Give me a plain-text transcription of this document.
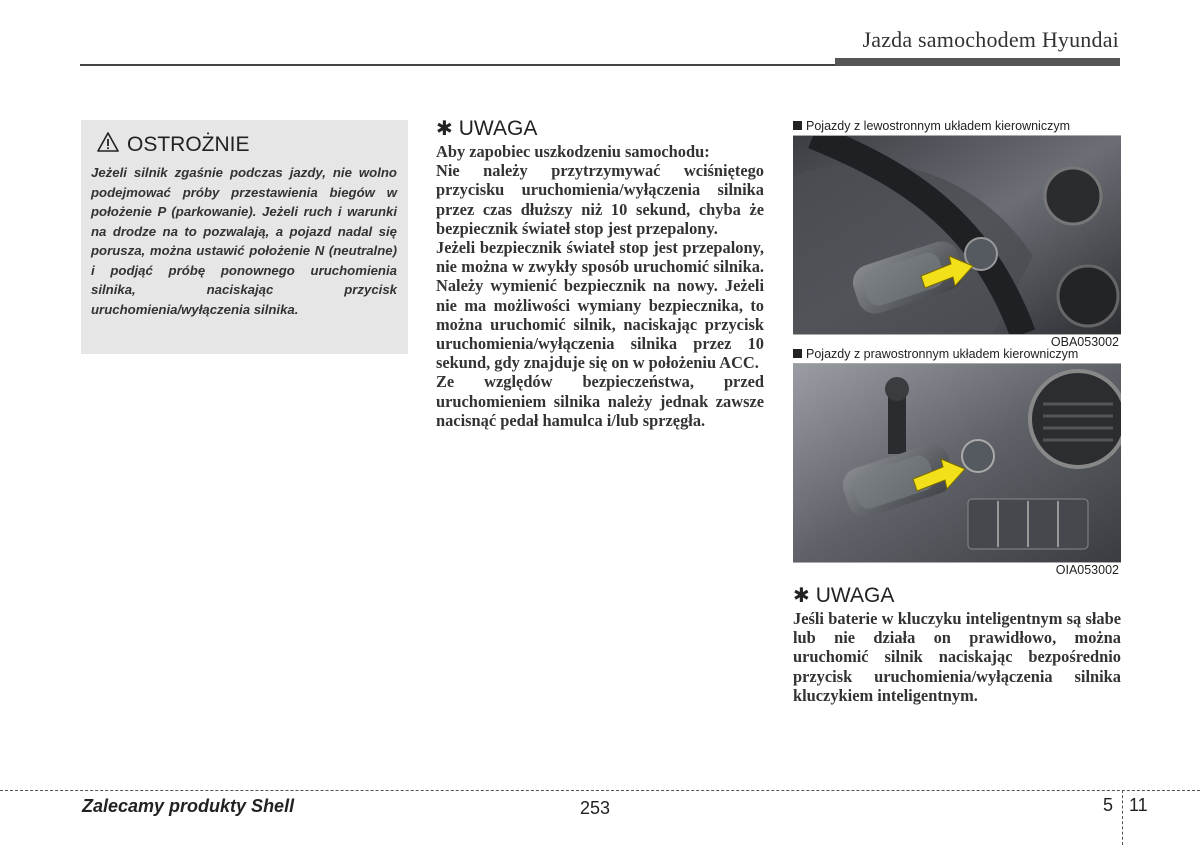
Jazda samochodem Hyundai
OSTROŻNIE

Jeżeli silnik zgaśnie podczas jazdy, nie wolno podejmować próby przestawienia biegów w położenie P (parkowanie). Jeżeli ruch i warunki na drodze na to pozwalają, a pojazd nadal się porusza, można ustawić położenie N (neutralne) i podjąć próbę ponownego uruchomienia silnika, naciskając przycisk uruchomienia/wyłączenia silnika.

✱ UWAGA

Aby zapobiec uszkodzeniu samochodu:

Nie należy przytrzymywać wciśniętego przycisku uruchomienia/wyłączenia silnika przez czas dłuższy niż 10 sekund, chyba że bezpiecznik świateł stop jest przepalony.

Jeżeli bezpiecznik świateł stop jest przepalony, nie można w zwykły sposób uruchomić silnika. Należy wymienić bezpiecznik na nowy. Jeżeli nie ma możliwości wymiany bezpiecznika, to można uruchomić silnik, naciskając przycisk uruchomienia/wyłączenia silnika przez 10 sekund, gdy znajduje się on w położeniu ACC.

Ze względów bezpieczeństwa, przed uruchomieniem silnika należy jednak zawsze nacisnąć pedał hamulca i/lub sprzęgła.

Pojazdy z lewostronnym układem kierowniczym
OBA053002
Pojazdy z prawostronnym układem kierowniczym
OIA053002
✱ UWAGA

Jeśli baterie w kluczyku inteligentnym są słabe lub nie działa on prawidłowo, można uruchomić silnik naciskając bezpośrednio przycisk uruchomienia/wyłączenia silnika kluczykiem inteligentnym.

Zalecamy produkty Shell	253	5 11
